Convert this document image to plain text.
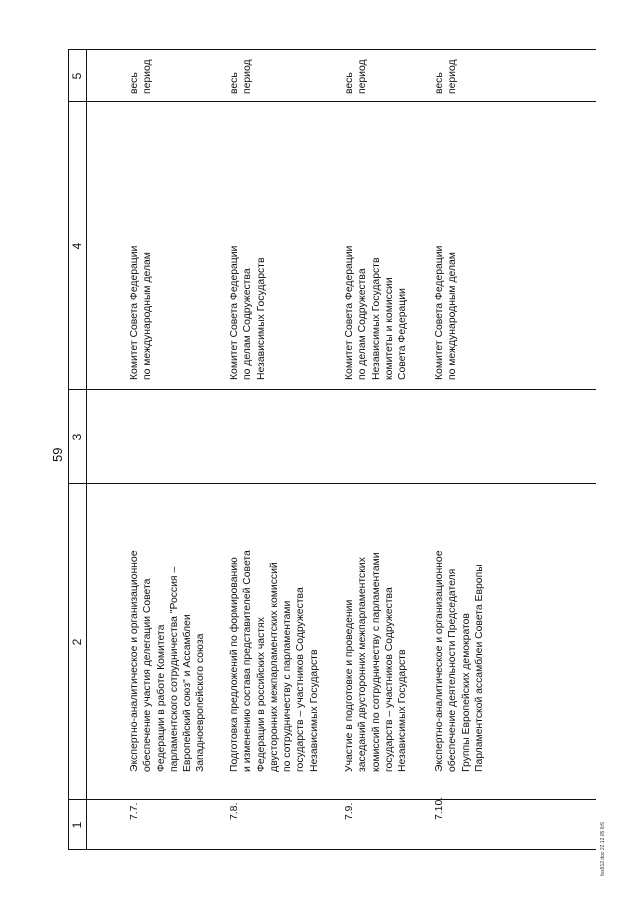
59
1
2
3
4
5
7.7.
Экспертно-аналитическое и организационное
обеспечение участия делегации Совета
Федерации в работе Комитета
парламентского сотрудничества "Россия –
Европейский союз" и Ассамблеи
Западноевропейского союза
Комитет Совета Федерации
по международным делам
весь
период
7.8.
Подготовка предложений по формированию
и изменению состава представителей Совета
Федерации в российских частях
двусторонних межпарламентских комиссий
по сотрудничеству с парламентами
государств – участников Содружества
Независимых Государств
Комитет Совета Федерации
по делам Содружества
Независимых Государств
весь
период
7.9.
Участие в подготовке и проведении
заседаний двусторонних межпарламентских
комиссий по сотрудничеству с парламентами
государств – участников Содружества
Независимых Государств
Комитет Совета Федерации
по делам Содружества
Независимых Государств
комитеты и комиссии
Совета Федерации
весь
период
7.10.
Экспертно-аналитическое и организационное
обеспечение деятельности Председателя
Группы Европейских демократов
Парламентской ассамблеи Совета Европы
Комитет Совета Федерации
по международным делам
весь
период
fes912.doc 22.12.05 6r5
